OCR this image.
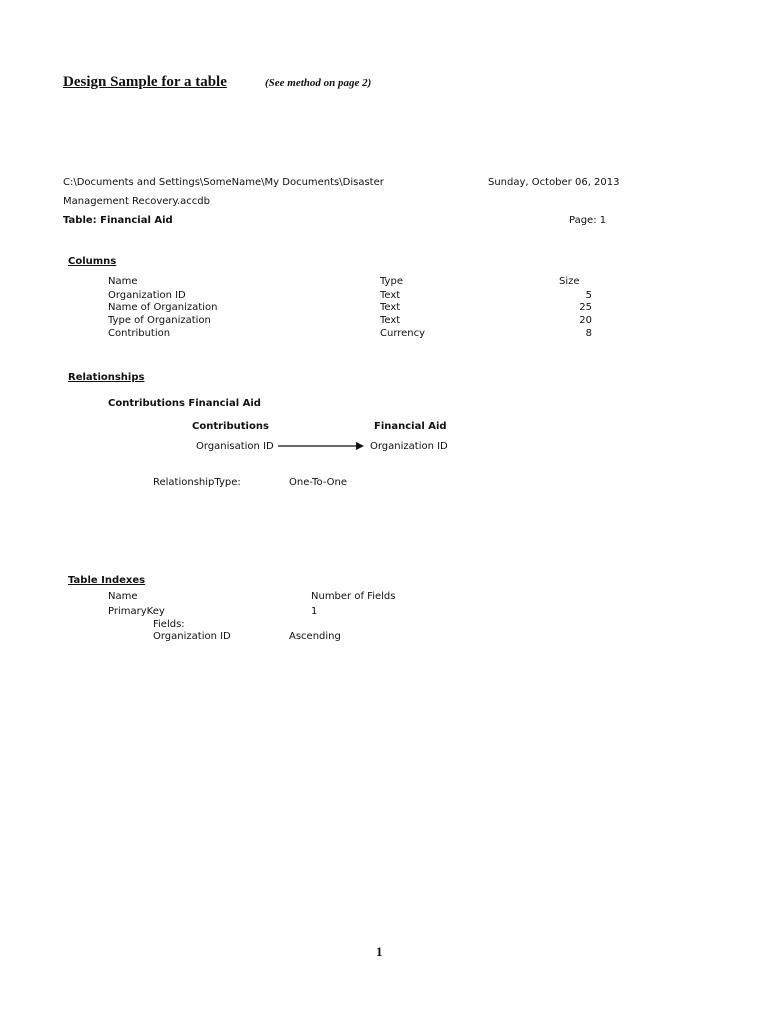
Design Sample for a table	(See method on page 2)
C:\Documents and Settings\SomeName\My Documents\Disaster
Management Recovery.accdb
Sunday, October 06, 2013
Table: Financial Aid	Page: 1
Columns
Name	Type	Size
Organization ID	Text	5
Name of Organization	Text	25
Type of Organization	Text	20
Contribution	Currency	8
Relationships
Contributions Financial Aid
Contributions	Financial Aid
Organisation ID	Organization ID
RelationshipType:	One-To-One
Table Indexes
Name	Number of Fields
PrimaryKey	1
Fields:
Organization ID	Ascending
1
